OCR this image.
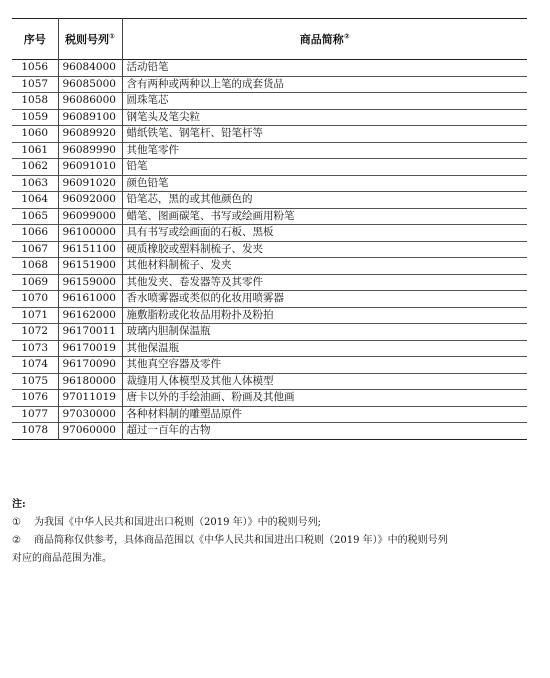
序号	税则号列①	商品简称②
1056	96084000	活动铅笔
1057	96085000	含有两种或两种以上笔的成套货品
1058	96086000	圆珠笔芯
1059	96089100	钢笔头及笔尖粒
1060	96089920	蜡纸铁笔、钢笔杆、铅笔杆等
1061	96089990	其他笔零件
1062	96091010	铅笔
1063	96091020	颜色铅笔
1064	96092000	铅笔芯，黑的或其他颜色的
1065	96099000	蜡笔、图画碳笔、书写或绘画用粉笔
1066	96100000	具有书写或绘画面的石板、黑板
1067	96151100	硬质橡胶或塑料制梳子、发夹
1068	96151900	其他材料制梳子、发夹
1069	96159000	其他发夹、卷发器等及其零件
1070	96161000	香水喷雾器或类似的化妆用喷雾器
1071	96162000	施敷脂粉或化妆品用粉扑及粉拍
1072	96170011	玻璃内胆制保温瓶
1073	96170019	其他保温瓶
1074	96170090	其他真空容器及零件
1075	96180000	裁缝用人体模型及其他人体模型
1076	97011019	唐卡以外的手绘油画、粉画及其他画
1077	97030000	各种材料制的雕塑品原件
1078	97060000	超过一百年的古物
注:
①	为我国《中华人民共和国进出口税则（2019 年）》中的税则号列;
②	商品简称仅供参考，具体商品范围以《中华人民共和国进出口税则（2019 年）》中的税则号列
对应的商品范围为准。
